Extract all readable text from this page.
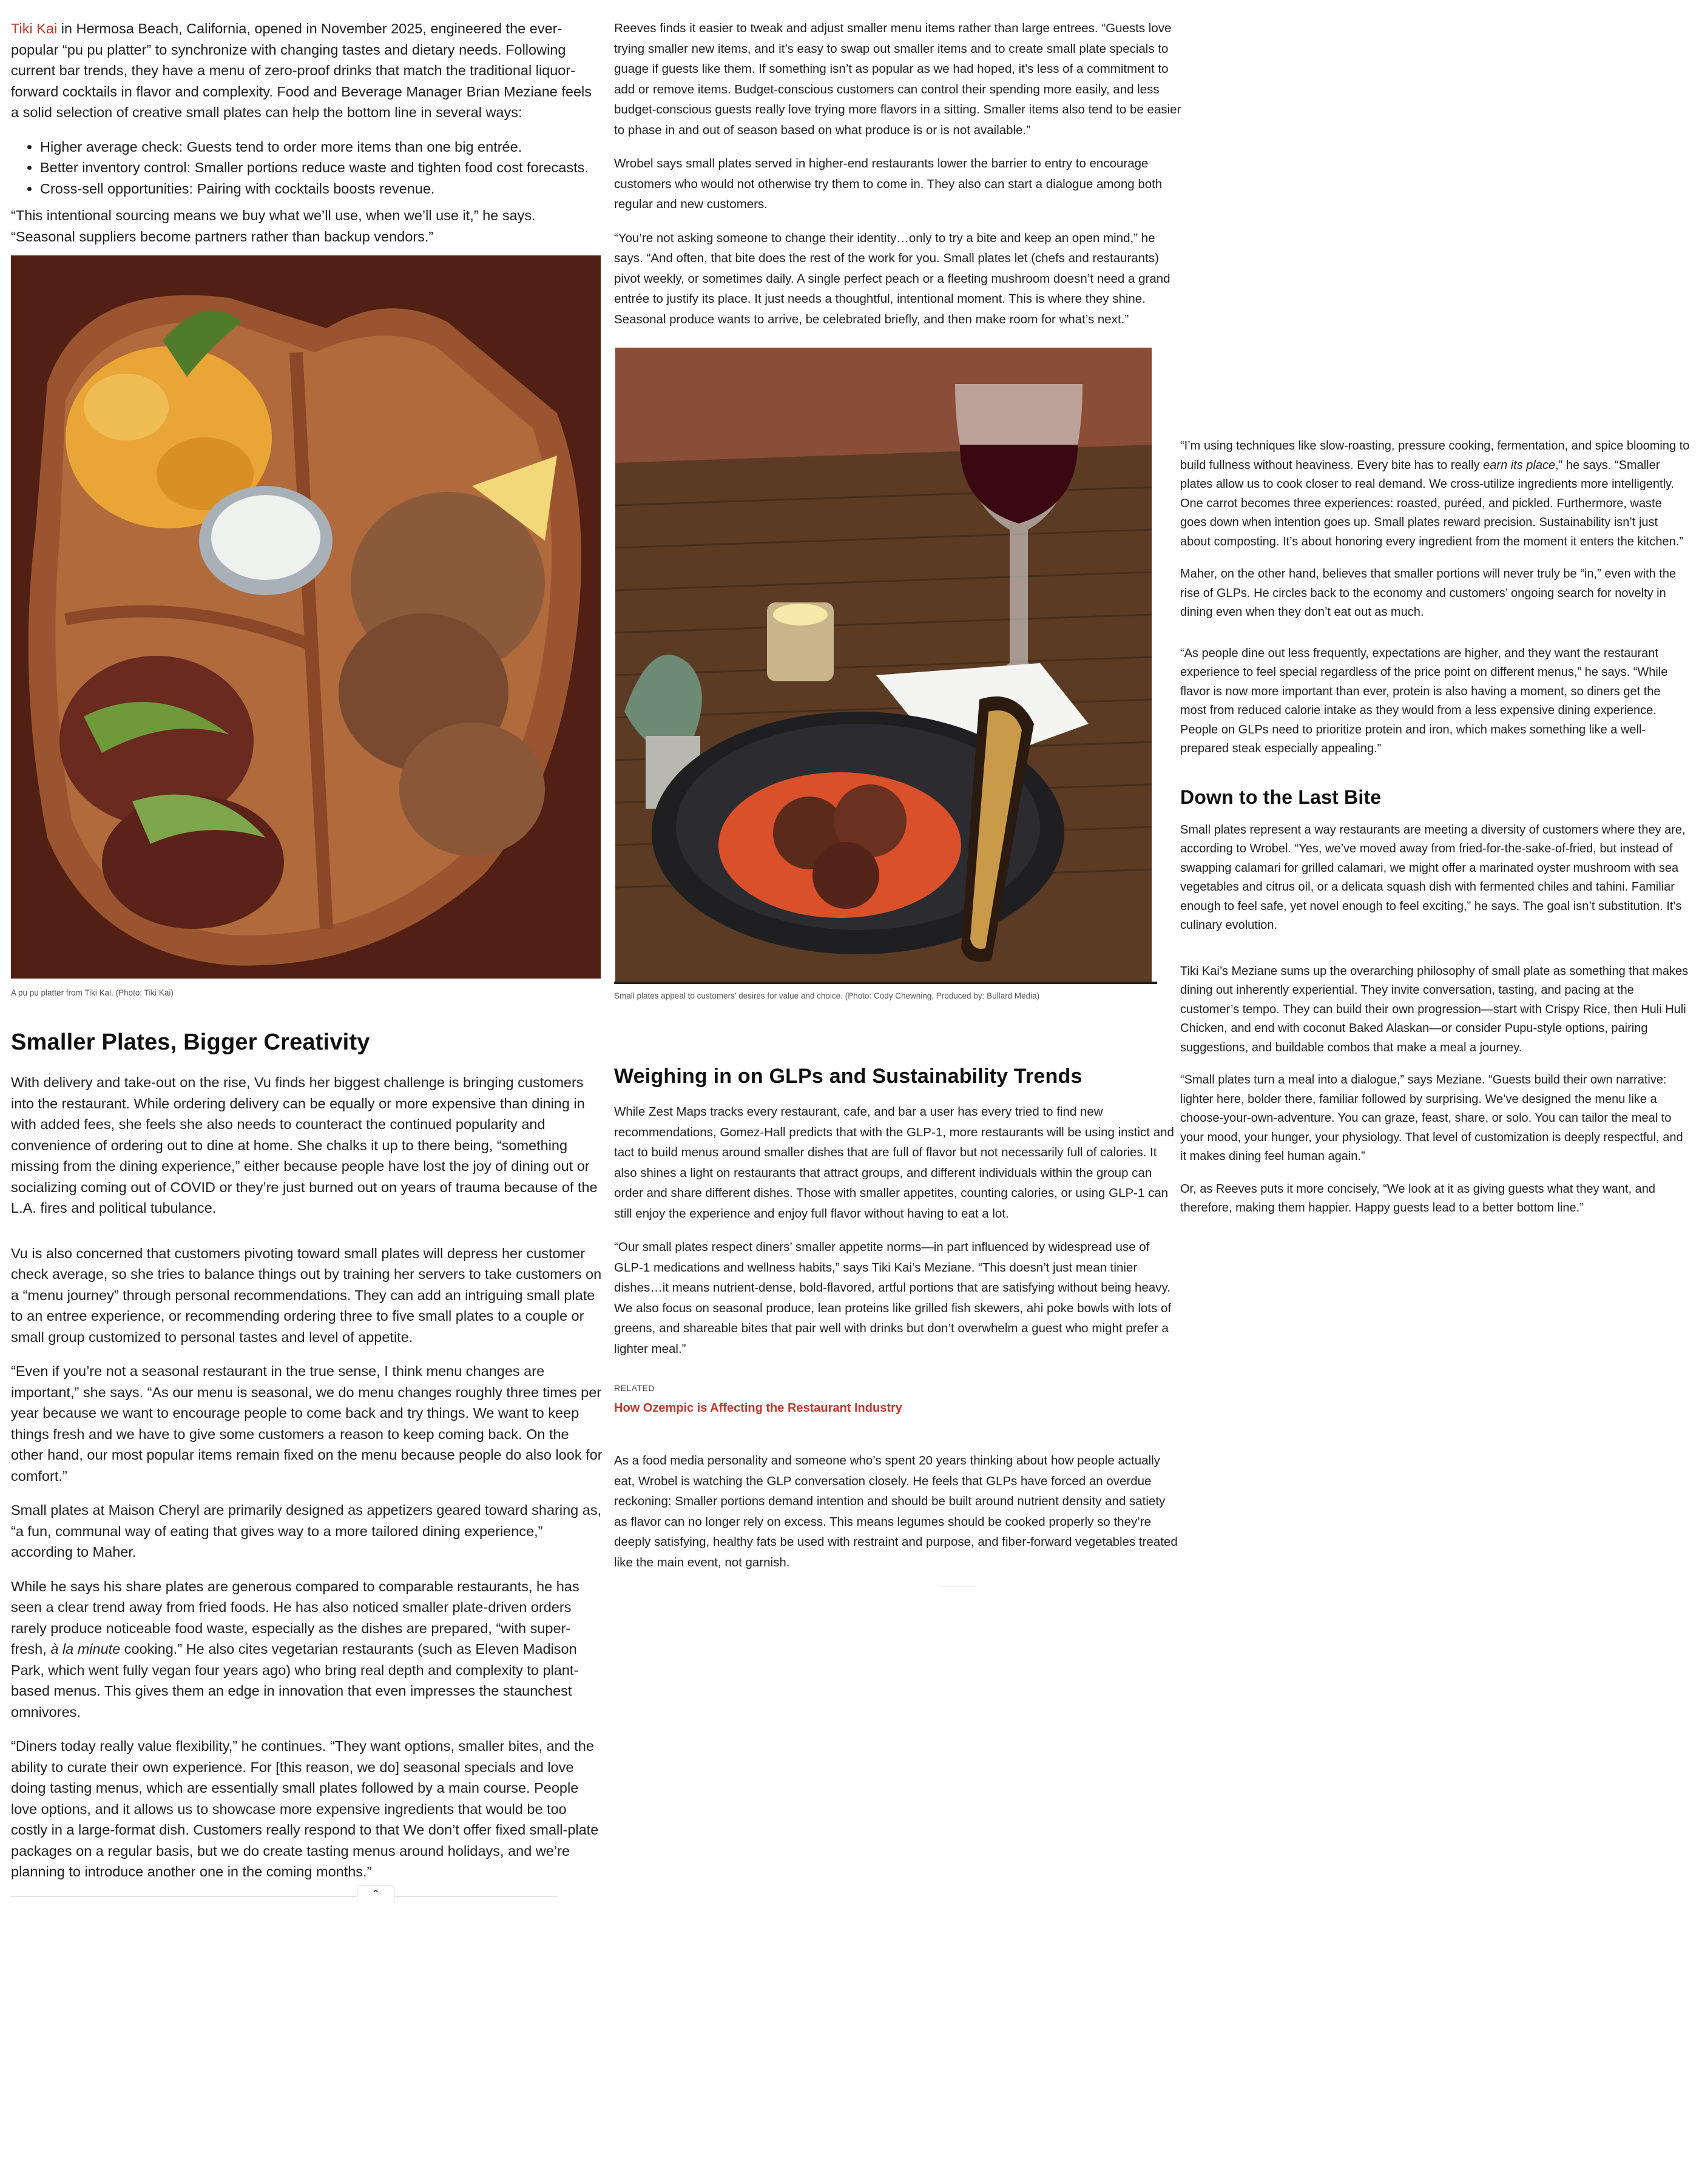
Tiki Kai in Hermosa Beach, California, opened in November 2025, engineered the ever-popular “pu pu platter” to synchronize with changing tastes and dietary needs. Following current bar trends, they have a menu of zero-proof drinks that match the traditional liquor-forward cocktails in flavor and complexity. Food and Beverage Manager Brian Meziane feels a solid selection of creative small plates can help the bottom line in several ways:

• Higher average check: Guests tend to order more items than one big entrée.
• Better inventory control: Smaller portions reduce waste and tighten food cost forecasts.
• Cross-sell opportunities: Pairing with cocktails boosts revenue.

“This intentional sourcing means we buy what we’ll use, when we’ll use it,” he says. “Seasonal suppliers become partners rather than backup vendors.”

A pu pu platter from Tiki Kai. (Photo: Tiki Kai)
Smaller Plates, Bigger Creativity

With delivery and take-out on the rise, Vu finds her biggest challenge is bringing customers into the restaurant. While ordering delivery can be equally or more expensive than dining in with added fees, she feels she also needs to counteract the continued popularity and convenience of ordering out to dine at home. She chalks it up to there being, “something missing from the dining experience,” either because people have lost the joy of dining out or socializing coming out of COVID or they’re just burned out on years of trauma because of the L.A. fires and political tubulance.

Vu is also concerned that customers pivoting toward small plates will depress her customer check average, so she tries to balance things out by training her servers to take customers on a “menu journey” through personal recommendations. They can add an intriguing small plate to an entree experience, or recommending ordering three to five small plates to a couple or small group customized to personal tastes and level of appetite.

“Even if you’re not a seasonal restaurant in the true sense, I think menu changes are important,” she says. “As our menu is seasonal, we do menu changes roughly three times per year because we want to encourage people to come back and try things. We want to keep things fresh and we have to give some customers a reason to keep coming back. On the other hand, our most popular items remain fixed on the menu because people do also look for comfort.”

Small plates at Maison Cheryl are primarily designed as appetizers geared toward sharing as, “a fun, communal way of eating that gives way to a more tailored dining experience,” according to Maher.

While he says his share plates are generous compared to comparable restaurants, he has seen a clear trend away from fried foods. He has also noticed smaller plate-driven orders rarely produce noticeable food waste, especially as the dishes are prepared, “with super-fresh, à la minute cooking.” He also cites vegetarian restaurants (such as Eleven Madison Park, which went fully vegan four years ago) who bring real depth and complexity to plant-based menus. This gives them an edge in innovation that even impresses the staunchest omnivores.

“Diners today really value flexibility,” he continues. “They want options, smaller bites, and the ability to curate their own experience. For [this reason, we do] seasonal specials and love doing tasting menus, which are essentially small plates followed by a main course. People love options, and it allows us to showcase more expensive ingredients that would be too costly in a large-format dish. Customers really respond to that We don’t offer fixed small-plate packages on a regular basis, but we do create tasting menus around holidays, and we’re planning to introduce another one in the coming months.”

⌃

Reeves finds it easier to tweak and adjust smaller menu items rather than large entrees. “Guests love trying smaller new items, and it’s easy to swap out smaller items and to create small plate specials to guage if guests like them. If something isn’t as popular as we had hoped, it’s less of a commitment to add or remove items. Budget-conscious customers can control their spending more easily, and less budget-conscious guests really love trying more flavors in a sitting. Smaller items also tend to be easier to phase in and out of season based on what produce is or is not available.”

Wrobel says small plates served in higher-end restaurants lower the barrier to entry to encourage customers who would not otherwise try them to come in. They also can start a dialogue among both regular and new customers.

“You’re not asking someone to change their identity…only to try a bite and keep an open mind,” he says. “And often, that bite does the rest of the work for you. Small plates let (chefs and restaurants) pivot weekly, or sometimes daily. A single perfect peach or a fleeting mushroom doesn’t need a grand entrée to justify its place. It just needs a thoughtful, intentional moment. This is where they shine. Seasonal produce wants to arrive, be celebrated briefly, and then make room for what’s next.”

Small plates appeal to customers’ desires for value and choice. (Photo: Cody Chewning, Produced by: Bullard Media)
Weighing in on GLPs and Sustainability Trends

While Zest Maps tracks every restaurant, cafe, and bar a user has every tried to find new recommendations, Gomez-Hall predicts that with the GLP-1, more restaurants will be using instict and tact to build menus around smaller dishes that are full of flavor but not necessarily full of calories. It also shines a light on restaurants that attract groups, and different individuals within the group can order and share different dishes. Those with smaller appetites, counting calories, or using GLP-1 can still enjoy the experience and enjoy full flavor without having to eat a lot.

“Our small plates respect diners’ smaller appetite norms—in part influenced by widespread use of GLP-1 medications and wellness habits,” says Tiki Kai’s Meziane. “This doesn’t just mean tinier dishes…it means nutrient-dense, bold-flavored, artful portions that are satisfying without being heavy. We also focus on seasonal produce, lean proteins like grilled fish skewers, ahi poke bowls with lots of greens, and shareable bites that pair well with drinks but don’t overwhelm a guest who might prefer a lighter meal.”

RELATED
How Ozempic is Affecting the Restaurant Industry

As a food media personality and someone who’s spent 20 years thinking about how people actually eat, Wrobel is watching the GLP conversation closely. He feels that GLPs have forced an overdue reckoning: Smaller portions demand intention and should be built around nutrient density and satiety as flavor can no longer rely on excess. This means legumes should be cooked properly so they’re deeply satisfying, healthy fats be used with restraint and purpose, and fiber-forward vegetables treated like the main event, not garnish.

“I’m using techniques like slow-roasting, pressure cooking, fermentation, and spice blooming to build fullness without heaviness. Every bite has to really earn its place,” he says. “Smaller plates allow us to cook closer to real demand. We cross-utilize ingredients more intelligently. One carrot becomes three experiences: roasted, puréed, and pickled. Furthermore, waste goes down when intention goes up. Small plates reward precision. Sustainability isn’t just about composting. It’s about honoring every ingredient from the moment it enters the kitchen.”

Maher, on the other hand, believes that smaller portions will never truly be “in,” even with the rise of GLPs. He circles back to the economy and customers’ ongoing search for novelty in dining even when they don’t eat out as much.

“As people dine out less frequently, expectations are higher, and they want the restaurant experience to feel special regardless of the price point on different menus,” he says. “While flavor is now more important than ever, protein is also having a moment, so diners get the most from reduced calorie intake as they would from a less expensive dining experience. People on GLPs need to prioritize protein and iron, which makes something like a well-prepared steak especially appealing.”

Down to the Last Bite

Small plates represent a way restaurants are meeting a diversity of customers where they are, according to Wrobel. “Yes, we’ve moved away from fried-for-the-sake-of-fried, but instead of swapping calamari for grilled calamari, we might offer a marinated oyster mushroom with sea vegetables and citrus oil, or a delicata squash dish with fermented chiles and tahini. Familiar enough to feel safe, yet novel enough to feel exciting,” he says. The goal isn’t substitution. It’s culinary evolution.

Tiki Kai’s Meziane sums up the overarching philosophy of small plate as something that makes dining out inherently experiential. They invite conversation, tasting, and pacing at the customer’s tempo. They can build their own progression—start with Crispy Rice, then Huli Huli Chicken, and end with coconut Baked Alaskan—or consider Pupu-style options, pairing suggestions, and buildable combos that make a meal a journey.

“Small plates turn a meal into a dialogue,” says Meziane. “Guests build their own narrative: lighter here, bolder there, familiar followed by surprising. We’ve designed the menu like a choose-your-own-adventure. You can graze, feast, share, or solo. You can tailor the meal to your mood, your hunger, your physiology. That level of customization is deeply respectful, and it makes dining feel human again.”

Or, as Reeves puts it more concisely, “We look at it as giving guests what they want, and therefore, making them happier. Happy guests lead to a better bottom line.”
